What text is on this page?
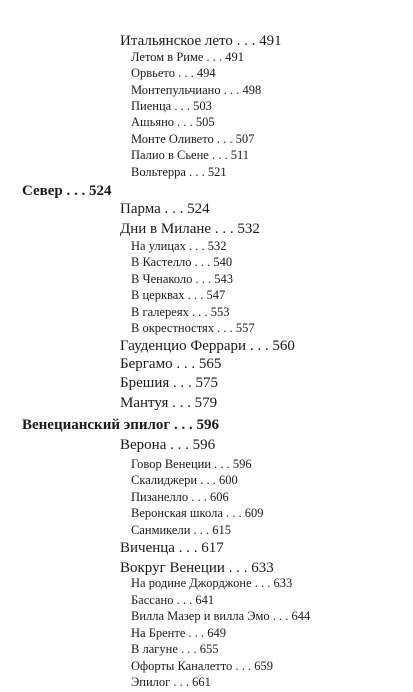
Итальянское лето . . . 491
Летом в Риме . . . 491
Орвьето . . . 494
Монтепульчиано . . . 498
Пиенца . . . 503
Ашьяно . . . 505
Монте Оливето . . . 507
Палио в Сьене . . . 511
Вольтерра . . . 521
Север . . . 524
Парма . . . 524
Дни в Милане . . . 532
На улицах . . . 532
В Кастелло . . . 540
В Ченаколо . . . 543
В церквах . . . 547
В галереях . . . 553
В окрестностях . . . 557
Гауденцио Феррари . . . 560
Бергамо . . . 565
Брешия . . . 575
Мантуя . . . 579
Венецианский эпилог . . . 596
Верона . . . 596
Говор Венеции . . . 596
Скалиджери . . . 600
Пизанелло . . . 606
Веронская школа . . . 609
Санмикели . . . 615
Виченца . . . 617
Вокруг Венеции . . . 633
На родине Джорджоне . . . 633
Бассано . . . 641
Вилла Мазер и вилла Эмо . . . 644
На Бренте . . . 649
В лагуне . . . 655
Офорты Каналетто . . . 659
Эпилог . . . 661
